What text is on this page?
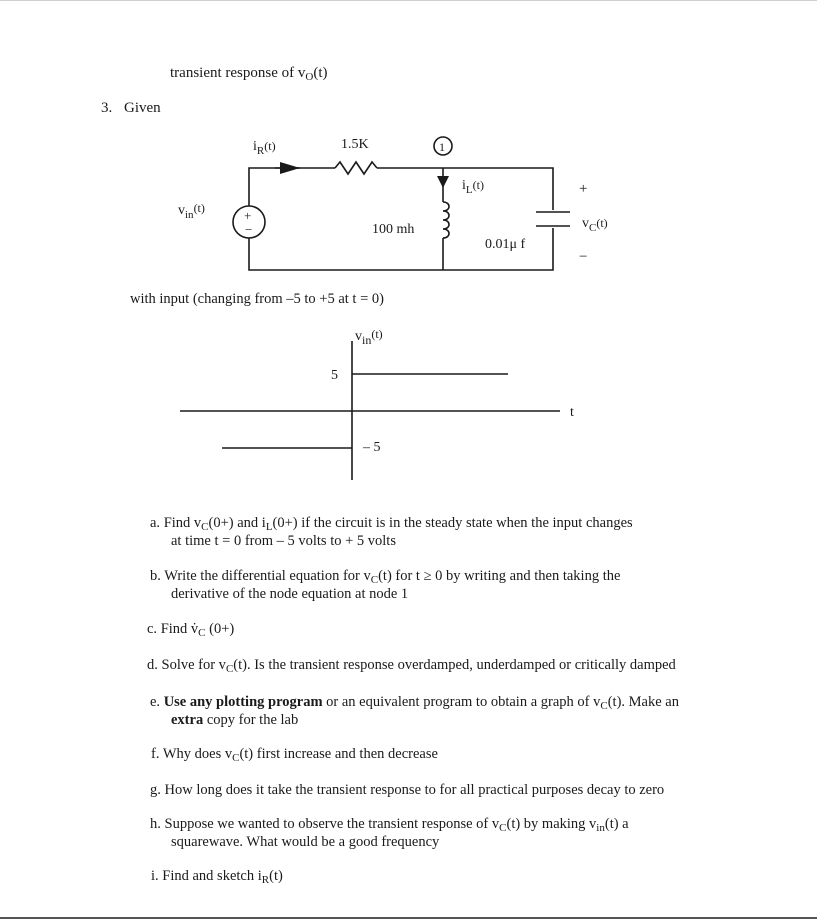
transient response of $v_O(t)$
3. Given
+
−
$i_R(t)$	1.5K	1
$i_L(t)$
100 mh
0.01μ f
$v_{in}(t)$
$v_C(t)$
+
−
with input (changing from –5 to +5 at t = 0)
vin(t)
5
– 5
t
a. Find $v_C(0+)$ and $i_L(0+)$ if the circuit is in the steady state when the input changes
at time t = 0 from – 5 volts to + 5 volts
b. Write the differential equation for $v_C(t)$ for t ≥ 0 by writing and then taking the
derivative of the node equation at node 1
c. Find $v̇_C$ (0+)
d. Solve for $v_C(t)$. Is the transient response overdamped, underdamped or critically damped
e. Use any plotting program or an equivalent program to obtain a graph of $v_C(t)$. Make an
extra copy for the lab
f. Why does $v_C(t)$ first increase and then decrease
g. How long does it take the transient response to for all practical purposes decay to zero
h. Suppose we wanted to observe the transient response of $v_C(t)$ by making $v_{in}(t)$ a
squarewave. What would be a good frequency
i. Find and sketch $i_R(t)$
